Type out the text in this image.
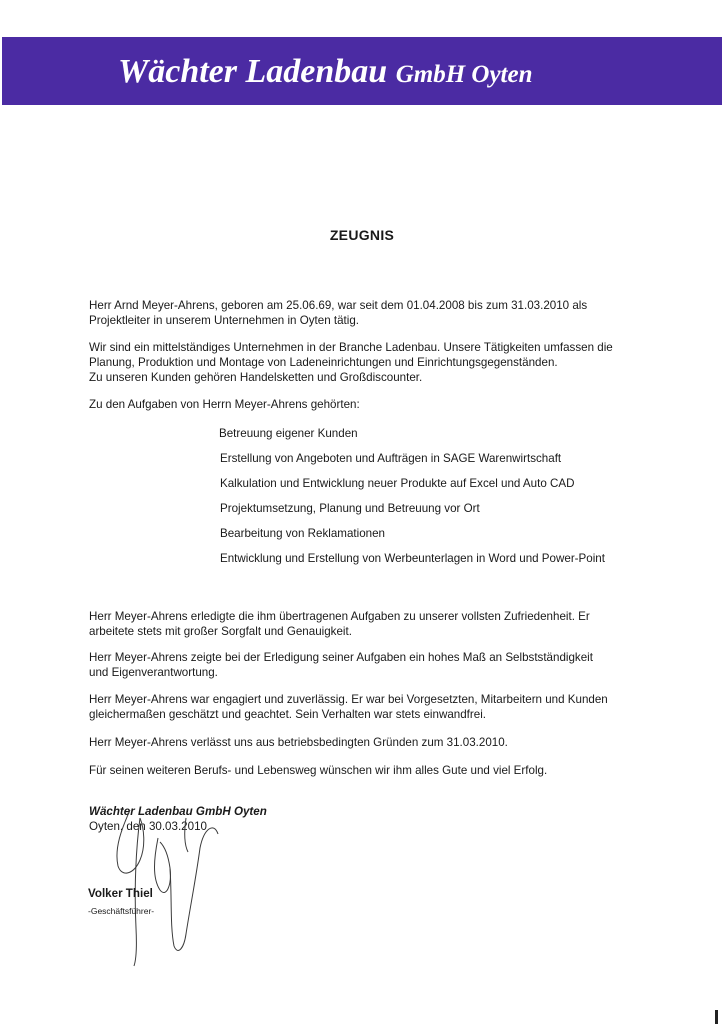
Wächter Ladenbau GmbH Oyten
ZEUGNIS
Herr Arnd Meyer-Ahrens, geboren am 25.06.69, war seit dem 01.04.2008 bis zum 31.03.2010 als
Projektleiter in unserem Unternehmen in Oyten tätig.
Wir sind ein mittelständiges Unternehmen in der Branche Ladenbau. Unsere Tätigkeiten umfassen die
Planung, Produktion und Montage von Ladeneinrichtungen und Einrichtungsgegenständen.
Zu unseren Kunden gehören Handelsketten und Großdiscounter.
Zu den Aufgaben von Herrn Meyer-Ahrens gehörten:
Betreuung eigener Kunden
Erstellung von Angeboten und Aufträgen in SAGE Warenwirtschaft
Kalkulation und Entwicklung neuer Produkte auf Excel und Auto CAD
Projektumsetzung, Planung und Betreuung vor Ort
Bearbeitung von Reklamationen
Entwicklung und Erstellung von Werbeunterlagen in Word und Power-Point
Herr Meyer-Ahrens erledigte die ihm übertragenen Aufgaben zu unserer vollsten Zufriedenheit. Er
arbeitete stets mit großer Sorgfalt und Genauigkeit.
Herr Meyer-Ahrens zeigte bei der Erledigung seiner Aufgaben ein hohes Maß an Selbstständigkeit
und Eigenverantwortung.
Herr Meyer-Ahrens war engagiert und zuverlässig. Er war bei Vorgesetzten, Mitarbeitern und Kunden
gleichermaßen geschätzt und geachtet. Sein Verhalten war stets einwandfrei.
Herr Meyer-Ahrens verlässt uns aus betriebsbedingten Gründen zum 31.03.2010.
Für seinen weiteren Berufs- und Lebensweg wünschen wir ihm alles Gute und viel Erfolg.
Wächter Ladenbau GmbH Oyten
Oyten, den 30.03.2010
Volker Thiel
-Geschäftsführer-
